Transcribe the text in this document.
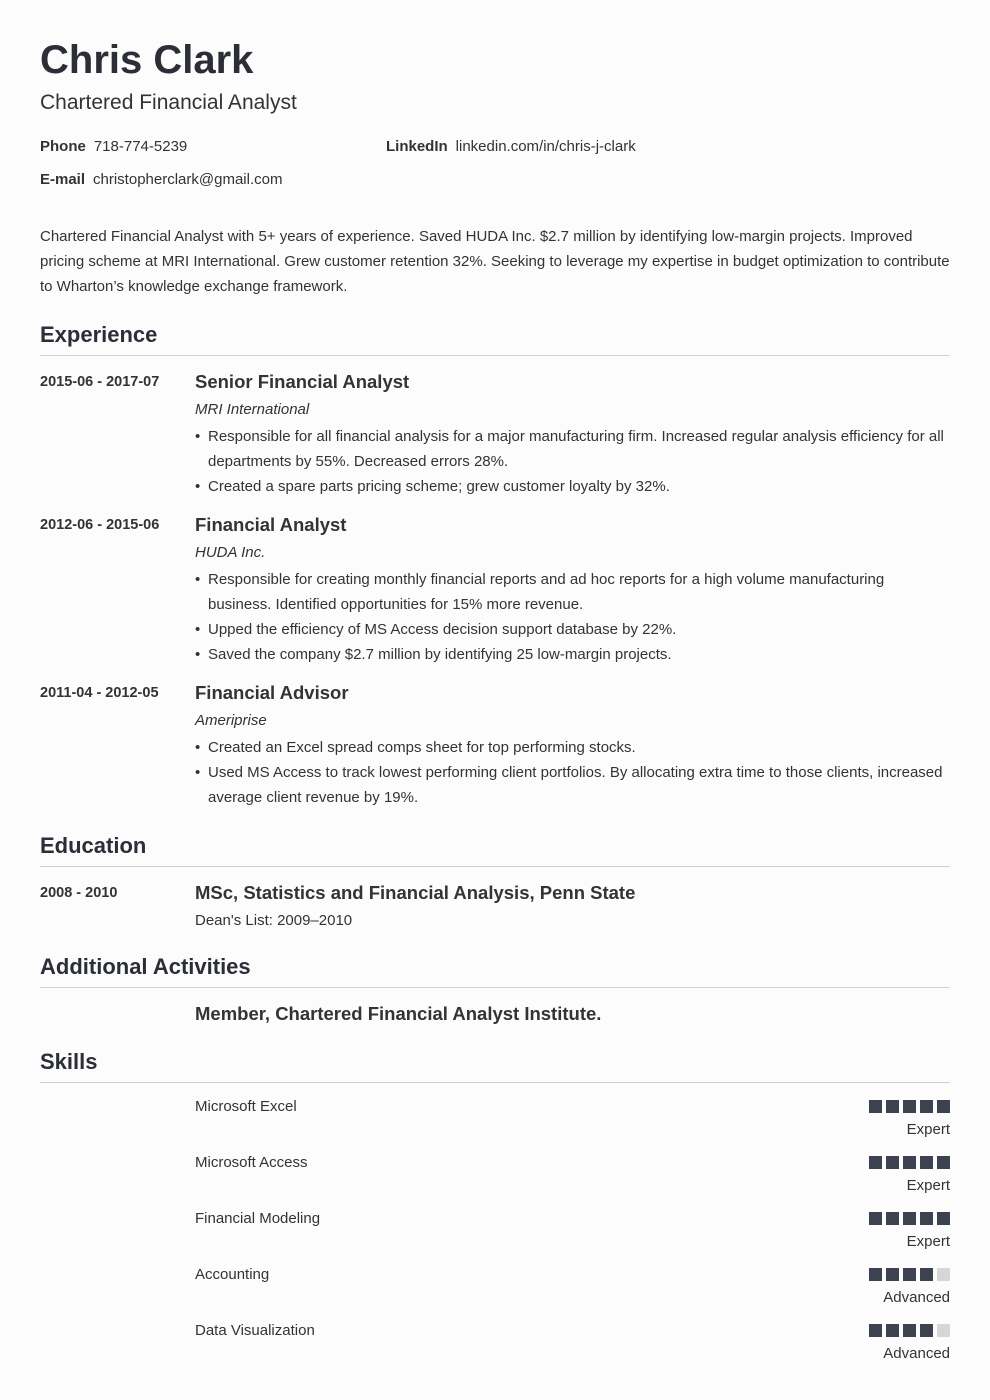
Chris Clark
Chartered Financial Analyst
Phone 718-774-5239	LinkedIn linkedin.com/in/chris-j-clark
E-mail christopherclark@gmail.com
Chartered Financial Analyst with 5+ years of experience. Saved HUDA Inc. $2.7 million by identifying low-margin projects. Improved pricing scheme at MRI International. Grew customer retention 32%. Seeking to leverage my expertise in budget optimization to contribute to Wharton’s knowledge exchange framework.
Experience
2015-06 - 2017-07 Senior Financial Analyst
MRI International
• Responsible for all financial analysis for a major manufacturing firm. Increased regular analysis efficiency for all departments by 55%. Decreased errors 28%.
• Created a spare parts pricing scheme; grew customer loyalty by 32%.
2012-06 - 2015-06 Financial Analyst
HUDA Inc.
• Responsible for creating monthly financial reports and ad hoc reports for a high volume manufacturing business. Identified opportunities for 15% more revenue.
• Upped the efficiency of MS Access decision support database by 22%.
• Saved the company $2.7 million by identifying 25 low-margin projects.
2011-04 - 2012-05 Financial Advisor
Ameriprise
• Created an Excel spread comps sheet for top performing stocks.
• Used MS Access to track lowest performing client portfolios. By allocating extra time to those clients, increased average client revenue by 19%.
Education
2008 - 2010	MSc, Statistics and Financial Analysis, Penn State
Dean's List: 2009–2010
Additional Activities
Member, Chartered Financial Analyst Institute.
Skills
Microsoft Excel
Expert
Microsoft Access
Expert
Financial Modeling
Expert
Accounting
Advanced
Data Visualization
Advanced
